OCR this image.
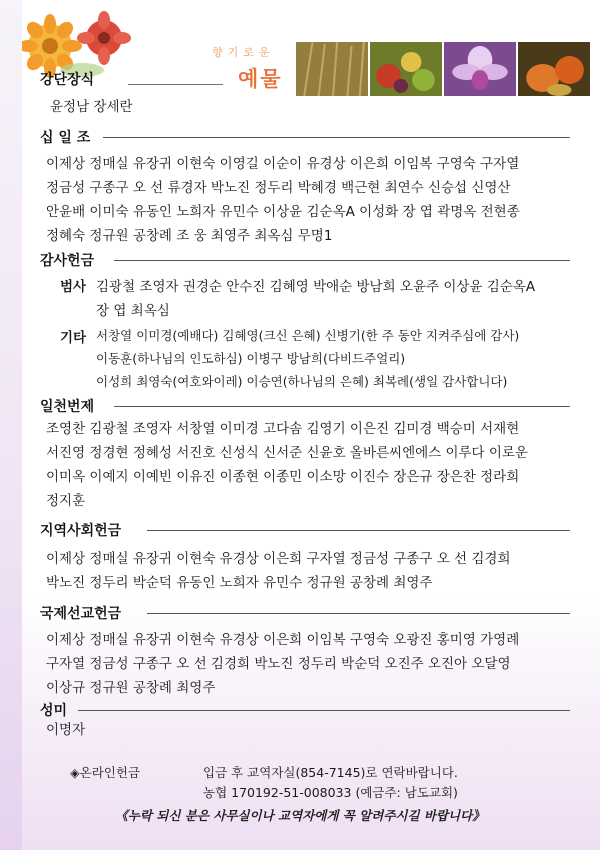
향기로운
예물
강단장식
윤정남 장세란
십 일 조
이제상 정매실 유장귀 이현숙 이영길 이순이 유경상 이은희 이임복 구영숙 구자열
정금성 구종구 오 선 류경자 박노진 정두리 박혜경 백근현 최연수 신승섭 신영산
안윤배 이미숙 유동인 노희자 유민수 이상윤 김순옥A 이성화 장 엽 곽명옥 전현종
정혜숙 정규원 공창례 조 웅 최영주 최옥심 무명1
감사헌금
범사 김광철 조영자 권경순 안수진 김혜영 박애순 방남희 오윤주 이상윤 김순옥A
장 엽 최옥심
기타 서창열 이미경(예배다) 김혜영(크신 은혜) 신병기(한 주 동안 지켜주심에 감사)
이동훈(하나님의 인도하심) 이병구 방남희(다비드주얼리)
이성희 최영숙(여호와이레) 이승연(하나님의 은혜) 최복례(생일 감사합니다)
일천번제
조영찬 김광철 조영자 서창열 이미경 고다솜 김영기 이은진 김미경 백승미 서재현
서진영 정경현 정혜성 서진호 신성식 신서준 신윤호 올바른씨엔에스 이루다 이로운
이미옥 이예지 이예빈 이유진 이종현 이종민 이소망 이진수 장은규 장은찬 정라희
정지훈
지역사회헌금
이제상 정매실 유장귀 이현숙 유경상 이은희 구자열 정금성 구종구 오 선 김경희
박노진 정두리 박순덕 유동인 노희자 유민수 정규원 공창례 최영주
국제선교헌금
이제상 정매실 유장귀 이현숙 유경상 이은희 이임복 구영숙 오광진 홍미영 가영례
구자열 정금성 구종구 오 선 김경희 박노진 정두리 박순덕 오진주 오진아 오달영
이상규 정규원 공창례 최영주
성미
이명자
◈온라인헌금	입금 후 교역자실(854-7145)로 연락바랍니다.
농협 170192-51-008033 (예금주: 남도교회)
《누락 되신 분은 사무실이나 교역자에게 꼭 알려주시길 바랍니다》
